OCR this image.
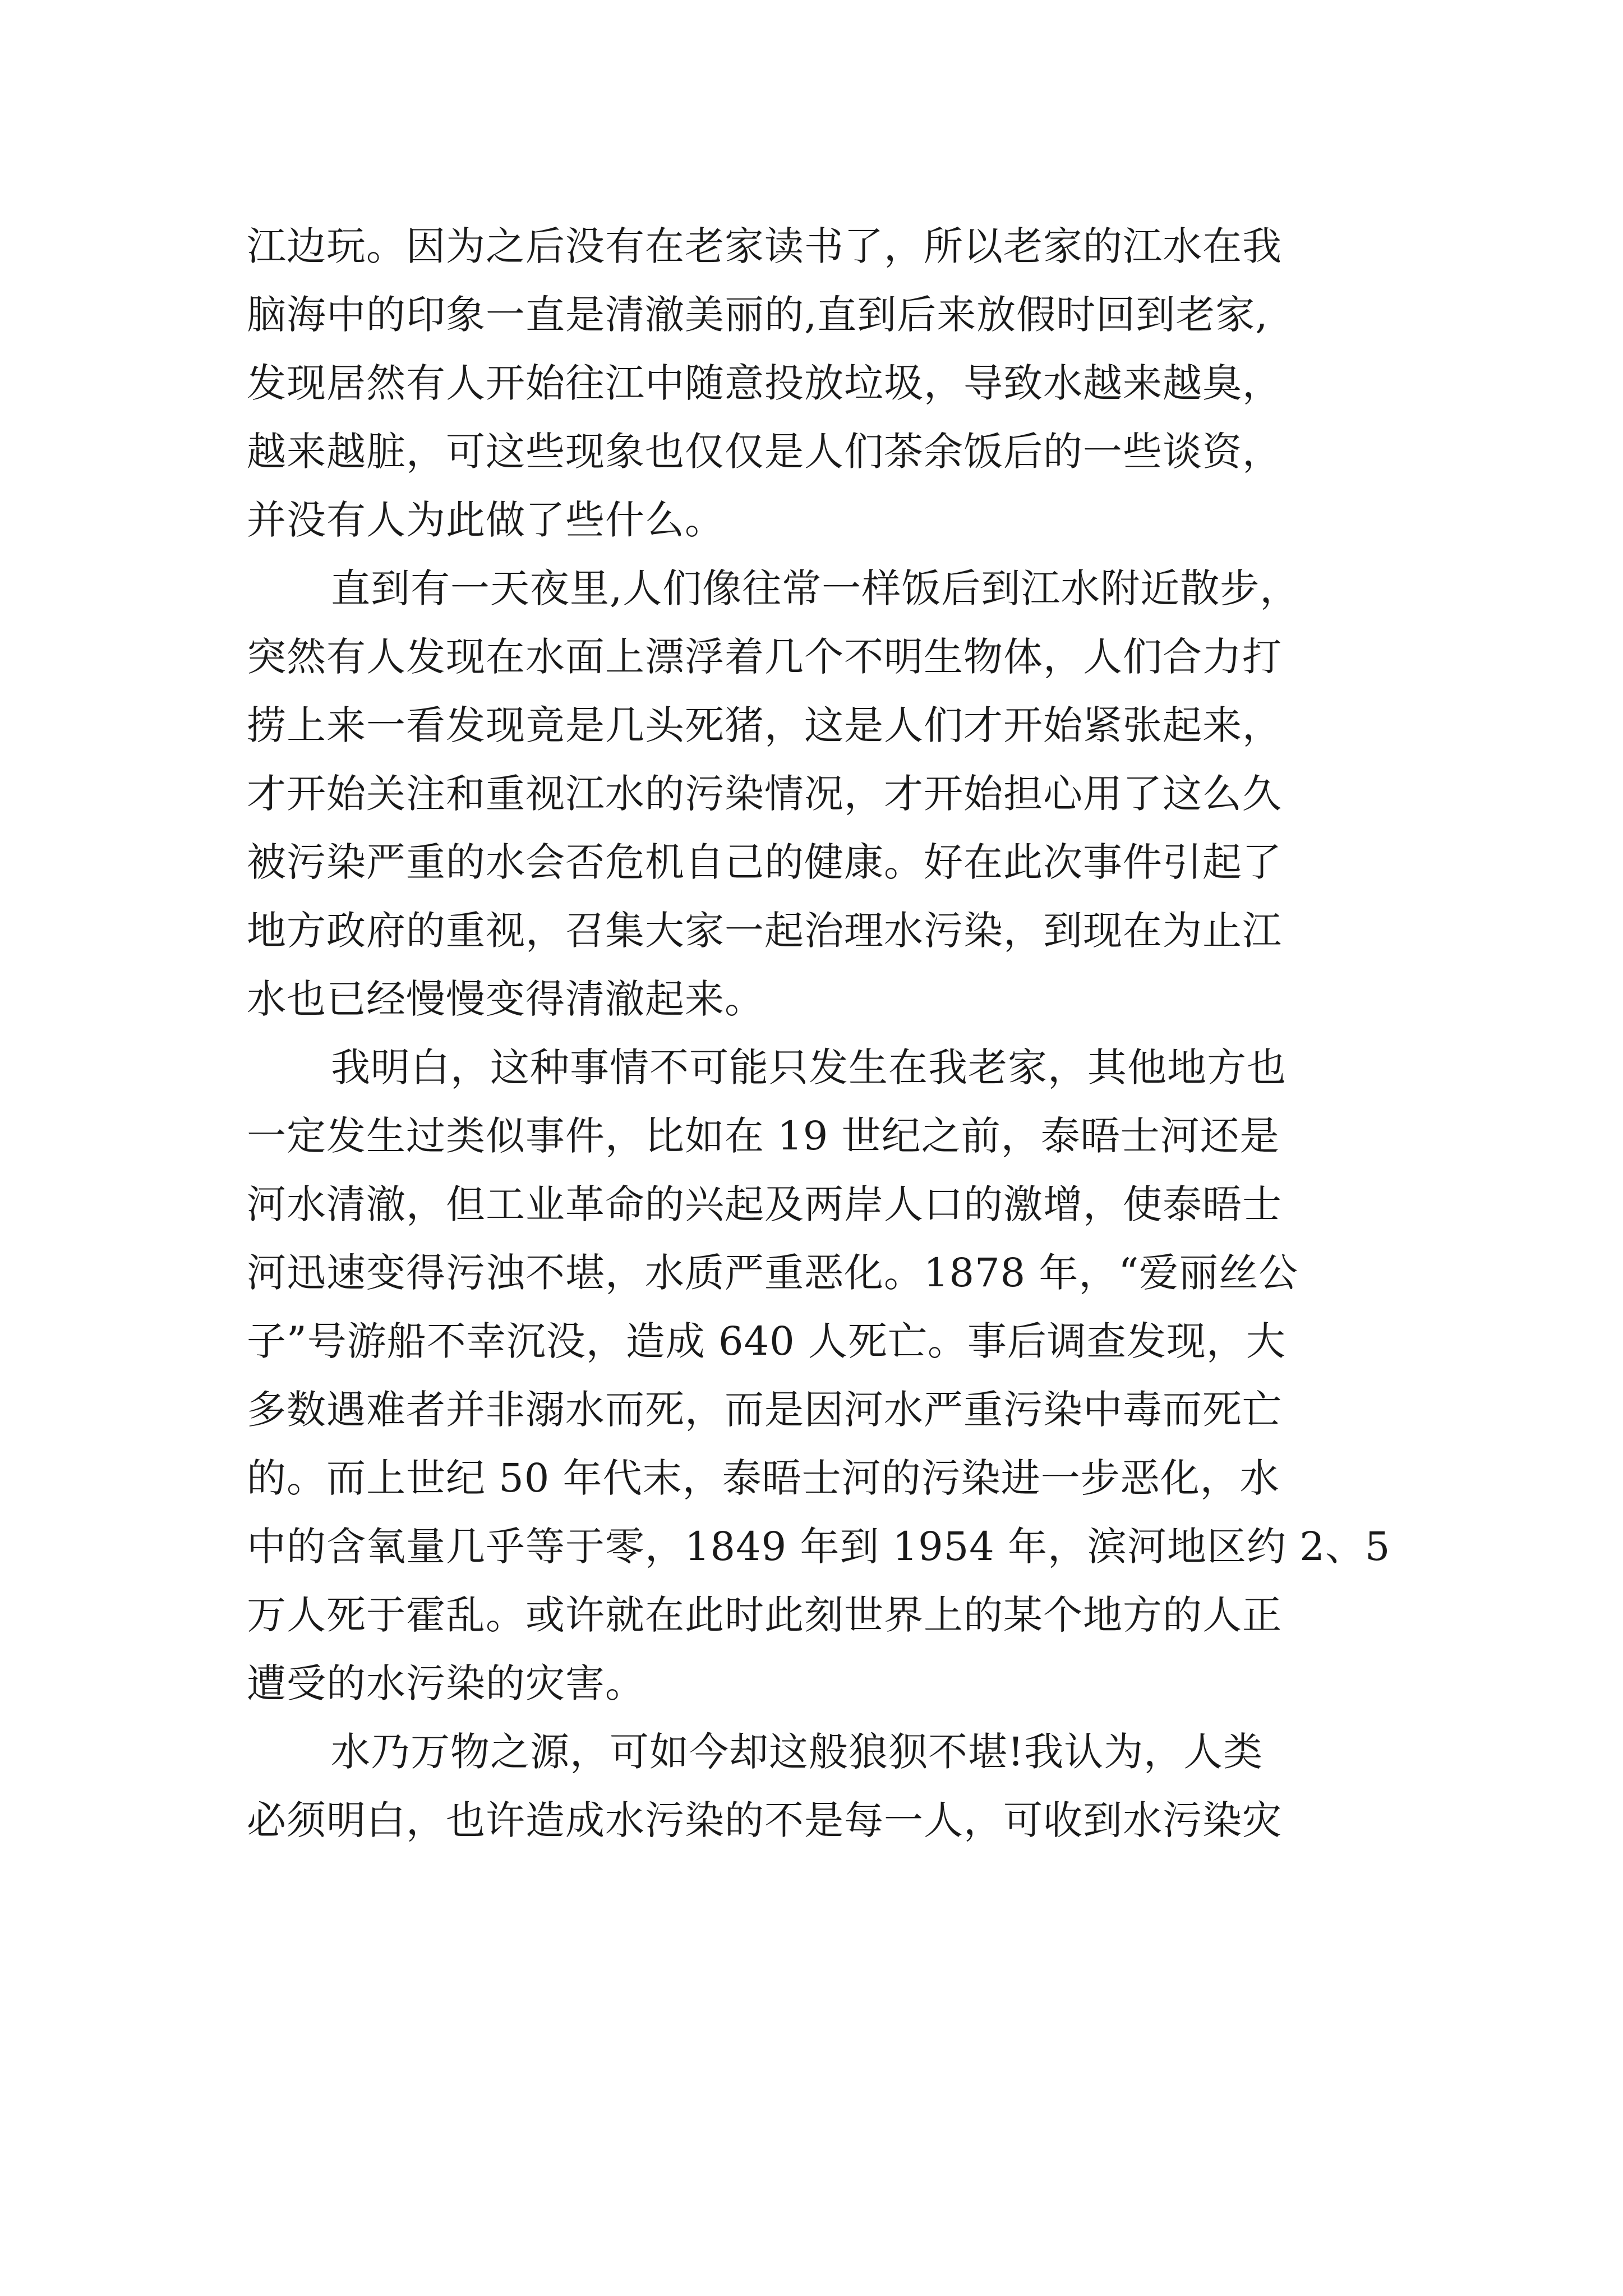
江边玩。因为之后没有在老家读书了，所以老家的江水在我
脑海中的印象一直是清澈美丽的,直到后来放假时回到老家,
发现居然有人开始往江中随意投放垃圾，导致水越来越臭，
越来越脏，可这些现象也仅仅是人们茶余饭后的一些谈资，
并没有人为此做了些什么。
直到有一天夜里,人们像往常一样饭后到江水附近散步，
突然有人发现在水面上漂浮着几个不明生物体，人们合力打
捞上来一看发现竟是几头死猪，这是人们才开始紧张起来，
才开始关注和重视江水的污染情况，才开始担心用了这么久
被污染严重的水会否危机自己的健康。好在此次事件引起了
地方政府的重视，召集大家一起治理水污染，到现在为止江
水也已经慢慢变得清澈起来。
我明白，这种事情不可能只发生在我老家，其他地方也
一定发生过类似事件，比如在 19 世纪之前，泰晤士河还是
河水清澈，但工业革命的兴起及两岸人口的激增，使泰晤士
河迅速变得污浊不堪，水质严重恶化。1878 年，“爱丽丝公
子”号游船不幸沉没，造成 640 人死亡。事后调查发现，大
多数遇难者并非溺水而死，而是因河水严重污染中毒而死亡
的。而上世纪 50 年代末，泰晤士河的污染进一步恶化，水
中的含氧量几乎等于零，1849 年到 1954 年，滨河地区约 2、5
万人死于霍乱。或许就在此时此刻世界上的某个地方的人正
遭受的水污染的灾害。
水乃万物之源，可如今却这般狼狈不堪!我认为，人类
必须明白，也许造成水污染的不是每一人，可收到水污染灾
